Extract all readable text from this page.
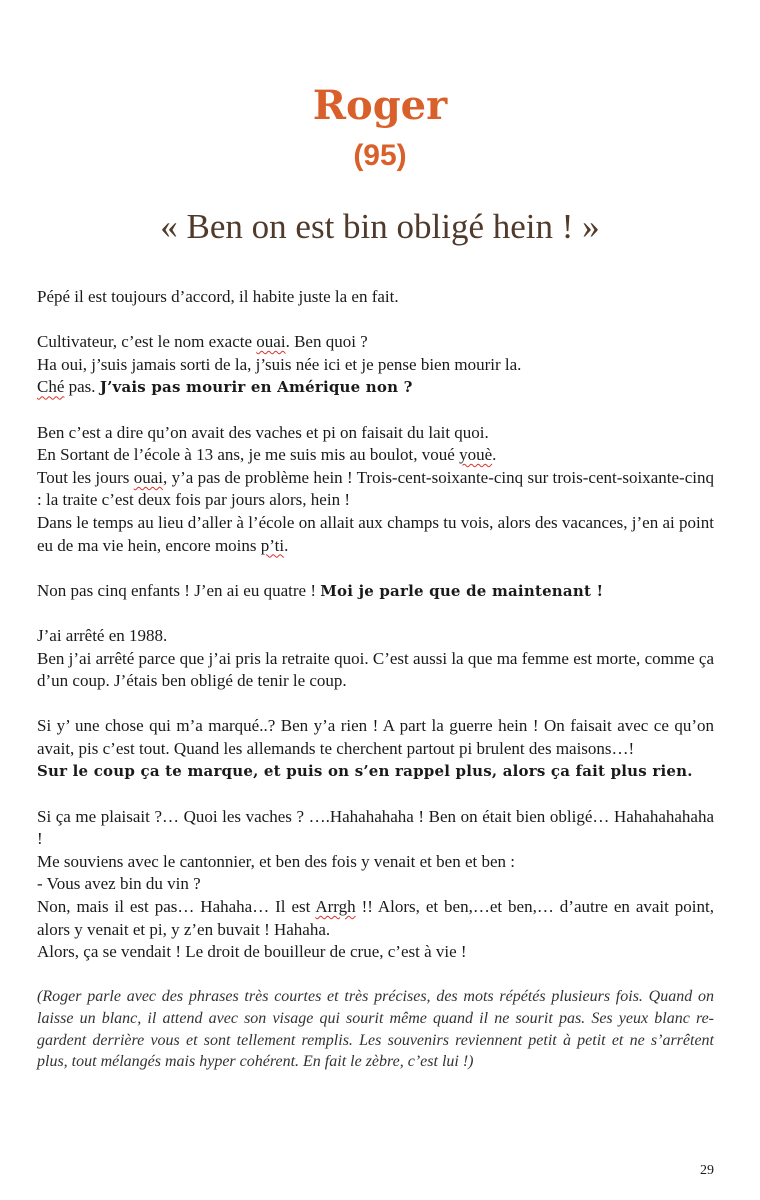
Roger
(95)
« Ben on est bin obligé hein ! »

Pépé il est toujours d’accord, il habite juste la en fait.

Cultivateur, c’est le nom exacte ouai. Ben quoi ?

Ha oui, j’suis jamais sorti de la, j’suis née ici et je pense bien mourir la.

Ché pas. J’vais pas mourir en Amérique non ?

Ben c’est a dire qu’on avait des vaches et pi on faisait du lait quoi.

En Sortant de l’école à 13 ans, je me suis mis au boulot, voué youè.

Tout les jours ouai, y’a pas de problème hein ! Trois-cent-soixante-cinq sur trois-cent-soixante-cinq : la traite c’est deux fois par jours alors, hein !

Dans le temps au lieu d’aller à l’école on allait aux champs tu vois, alors des vacances, j’en ai point eu de ma vie hein, encore moins p’ti.

Non pas cinq enfants ! J’en ai eu quatre ! Moi je parle que de maintenant !

J’ai arrêté en 1988.

Ben j’ai arrêté parce que j’ai pris la retraite quoi. C’est aussi la que ma femme est morte, comme ça d’un coup. J’étais ben obligé de tenir le coup.

Si y’ une chose qui m’a marqué..? Ben y’a rien ! A part la guerre hein ! On faisait avec ce qu’on avait, pis c’est tout. Quand les allemands te cherchent partout pi brulent des maisons…!

Sur le coup ça te marque, et puis on s’en rappel plus, alors ça fait plus rien.

Si ça me plaisait ?… Quoi les vaches ? ….Hahahahaha ! Ben on était bien obligé… Hahahahahaha !

Me souviens avec le cantonnier, et ben des fois y venait et ben et ben :

- Vous avez bin du vin ?

Non, mais il est pas… Hahaha… Il est Arrgh !! Alors, et ben,…et ben,… d’autre en avait point, alors y venait et pi, y z’en buvait ! Hahaha.

Alors, ça se vendait ! Le droit de bouilleur de crue, c’est à vie !

(Roger parle avec des phrases très courtes et très précises, des mots répétés plusieurs fois. Quand on laisse un blanc, il attend avec son visage qui sourit même quand il ne sourit pas. Ses yeux blanc re-gardent derrière vous et sont tellement remplis. Les souvenirs reviennent petit à petit et ne s’arrêtent plus, tout mélangés mais hyper cohérent. En fait le zèbre, c’est lui !)

29
